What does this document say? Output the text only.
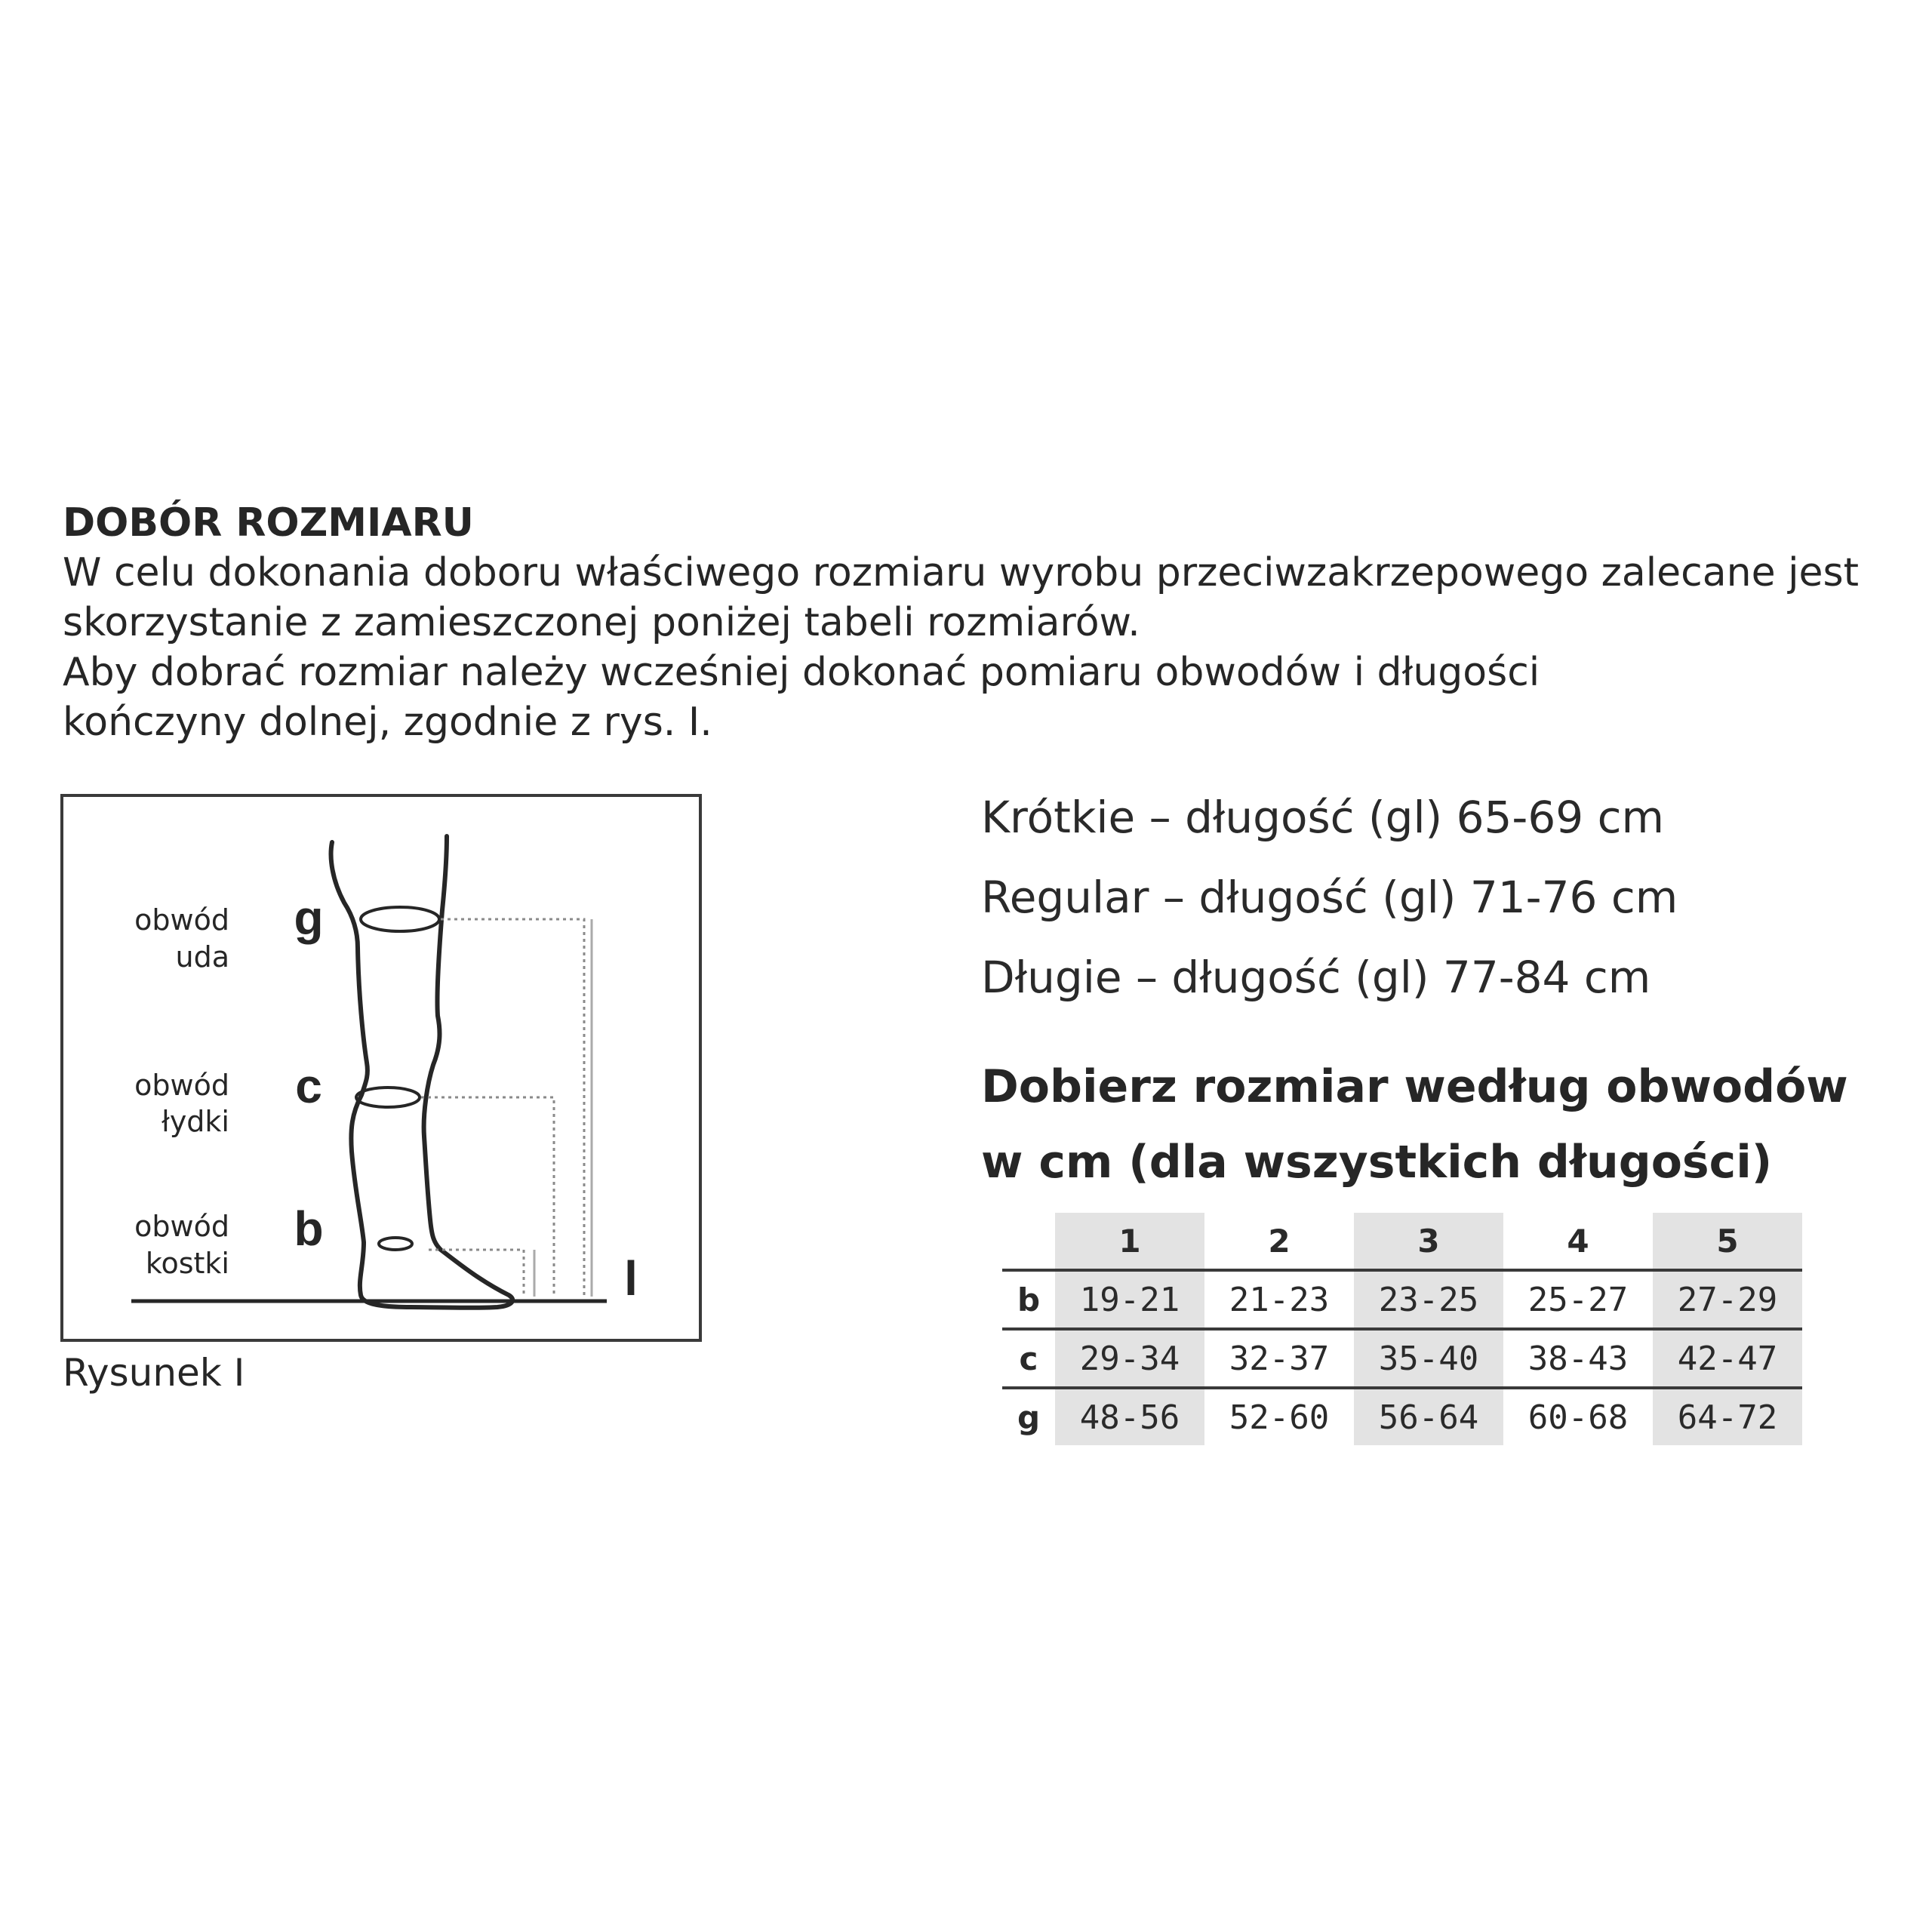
DOBÓR ROZMIARU

W celu dokonania doboru właściwego rozmiaru wyrobu przeciwzakrzepowego zalecane jest

skorzystanie z zamieszczonej poniżej tabeli rozmiarów.

Aby dobrać rozmiar należy wcześniej dokonać pomiaru obwodów i długości

kończyny dolnej, zgodnie z rys. I.

obwód
uda
g
obwód
łydki
c
obwód
kostki
b
l
Rysunek I
Krótkie – długość (gl) 65-69 cm
Regular – długość (gl) 71-76 cm
Długie – długość (gl) 77-84 cm
Dobierz rozmiar według obwodów
w cm (dla wszystkich długości)
	1	2	3	4	5
b	19-21	21-23	23-25	25-27	27-29
c	29-34	32-37	35-40	38-43	42-47
g	48-56	52-60	56-64	60-68	64-72
